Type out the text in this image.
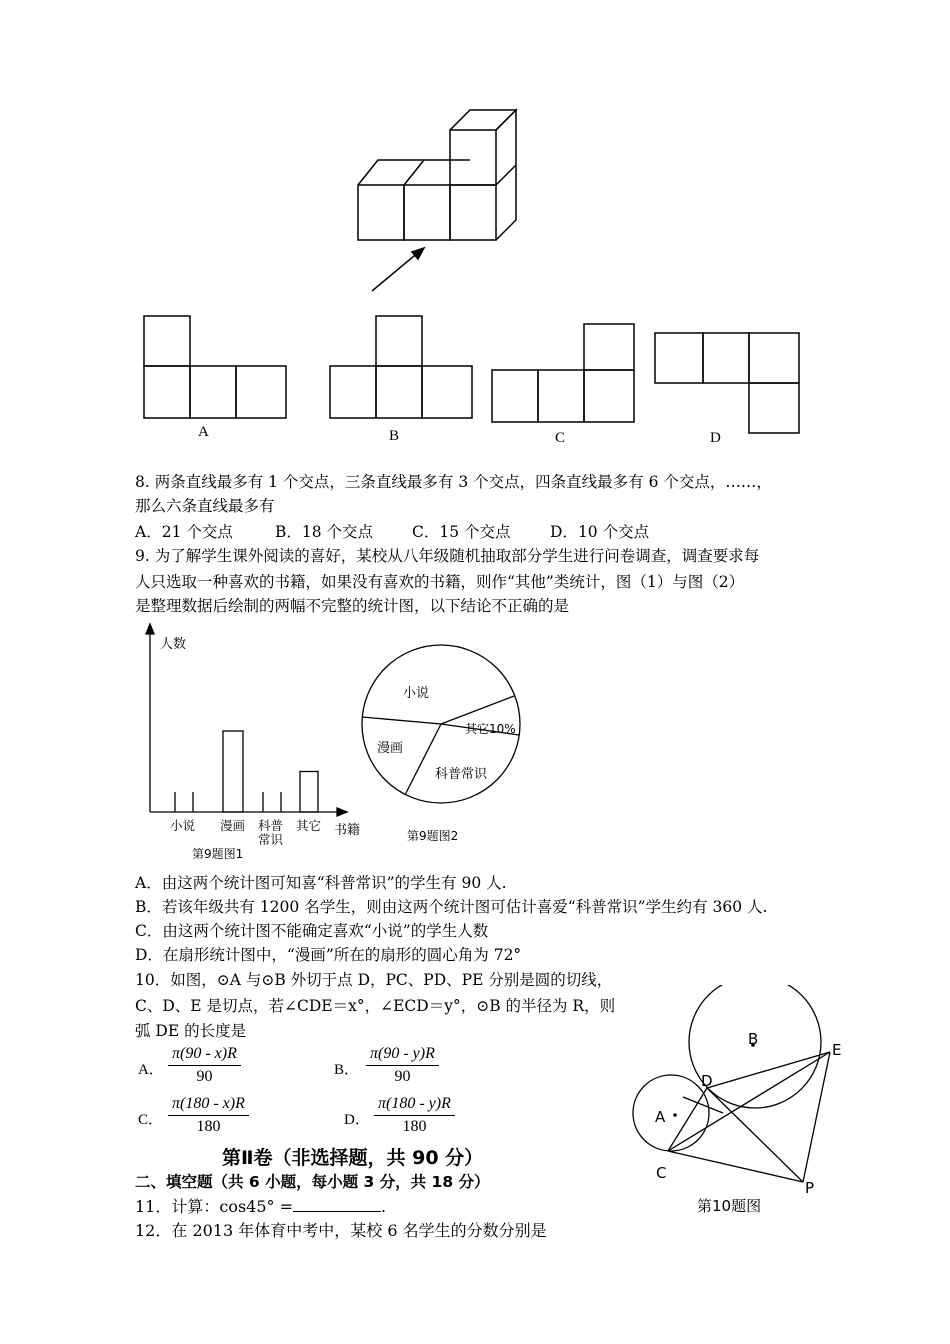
A	B	C	D
8. 两条直线最多有 1 个交点，三条直线最多有 3 个交点，四条直线最多有 6 个交点，……，
那么六条直线最多有
A．21 个交点	B．18 个交点	C．15 个交点	D．10 个交点
9. 为了解学生课外阅读的喜好，某校从八年级随机抽取部分学生进行问卷调查，调查要求每
人只选取一种喜欢的书籍，如果没有喜欢的书籍，则作“其他”类统计，图（1）与图（2）
是整理数据后绘制的两幅不完整的统计图，以下结论不正确的是
人数
书籍
小说 漫画 科普
常识
其它
第9题图1
小说
漫画
其它10%
科普常识
第9题图2
A．由这两个统计图可知喜“科普常识”的学生有 90 人.
B．若该年级共有 1200 名学生，则由这两个统计图可估计喜爱“科普常识”学生约有 360 人.
C．由这两个统计图不能确定喜欢“小说”的学生人数
D．在扇形统计图中，“漫画”所在的扇形的圆心角为 72°
10．如图，⊙A 与⊙B 外切于点 D，PC、PD、PE 分别是圆的切线，
C、D、E 是切点，若∠CDE＝x°，∠ECD＝y°，⊙B 的半径为 R，则
弧 DE 的长度是
A． $\frac{\pi(90 - x)R}{90}$	B． $\frac{\pi(90 - y)R}{90}$
C． $\frac{\pi(180 - x)R}{180}$	D． $\frac{\pi(180 - y)R}{180}$
B
E
D
A
C
P
第10题图
第Ⅱ卷（非选择题，共 90 分）
二、填空题（共 6 小题，每小题 3 分，共 18 分）
11．计算：cos45° =	.
12．在 2013 年体育中考中，某校 6 名学生的分数分别是
